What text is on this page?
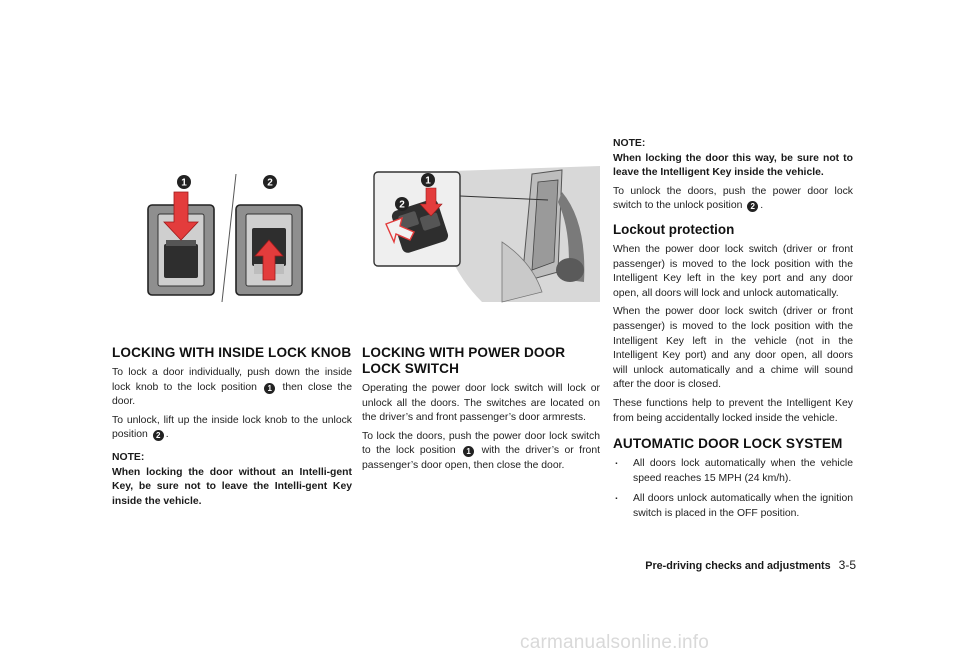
1	2	1
2
LOCKING WITH INSIDE LOCK KNOB

To lock a door individually, push down the inside lock knob to the lock position 1 then close the door.

To unlock, lift up the inside lock knob to the unlock position 2 .

NOTE:

When locking the door without an Intelli-gent Key, be sure not to leave the Intelli-gent Key inside the vehicle.

LOCKING WITH POWER DOOR LOCK SWITCH

Operating the power door lock switch will lock or unlock all the doors. The switches are located on the driver’s and front passenger’s door armrests.

To lock the doors, push the power door lock switch to the lock position 1 with the driver’s or front passenger’s door open, then close the door.

NOTE:

When locking the door this way, be sure not to leave the Intelligent Key inside the vehicle.

To unlock the doors, push the power door lock switch to the unlock position 2 .

Lockout protection

When the power door lock switch (driver or front passenger) is moved to the lock position with the Intelligent Key left in the key port and any door open, all doors will lock and unlock automatically.

When the power door lock switch (driver or front passenger) is moved to the lock position with the Intelligent Key left in the vehicle (not in the Intelligent Key port) and any door open, all doors will unlock automatically and a chime will sound after the door is closed.

These functions help to prevent the Intelligent Key from being accidentally locked inside the vehicle.

AUTOMATIC DOOR LOCK SYSTEM
. All doors lock automatically when the vehicle speed reaches 15 MPH (24 km/h).
. All doors unlock automatically when the ignition switch is placed in the OFF position.
Pre-driving checks and adjustments 3-5
carmanualsonline.info
